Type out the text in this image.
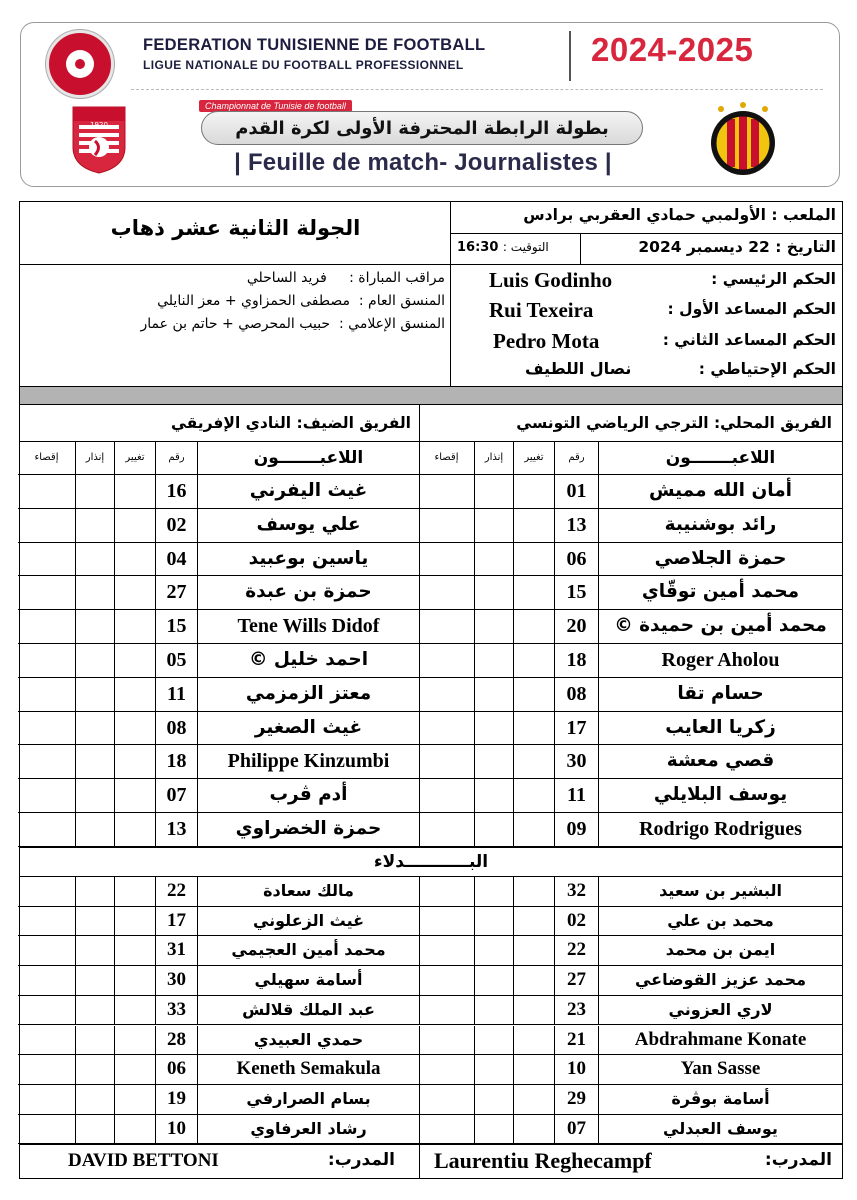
FEDERATION TUNISIENNE DE FOOTBALL
LIGUE NATIONALE DU FOOTBALL PROFESSIONNEL	2024-2025
1920
Championnat de Tunisie de football
بطولة الرابطة المحترفة الأولى لكرة القدم
| Feuille de match- Journalistes |
الملعب : الأولمبي حمادي العقربي برادس
التاريخ : 22 ديسمبر 2024
التوقيت : 16:30
الجولة الثانية عشر ذهاب
الحكم الرئيسي :
Luis Godinho
الحكم المساعد الأول :
Rui Texeira
الحكم المساعد الثاني :
Pedro Mota
الحكم الإحتياطي :
نصال اللطيف
مراقب المباراة :     فريد الساحلي
المنسق العام :  مصطفى الحمزاوي + معز النايلي
المنسق الإعلامي :  حبيب المحرصي + حاتم بن عمار
الفريق المحلي: الترجي الرياضي التونسي
الفريق الضيف: النادي الإفريقي
اللاعبـــــــون
رقم
تغيير
إنذار
إقصاء
أمان الله مميش
01
رائد بوشنيبة
13
حمزة الجلاصي
06
محمد أمين توقّاي
15
محمد أمين بن حميدة ©
20
Roger Aholou
18
حسام تقا
08
زكريا العايب
17
قصي معشة
30
يوسف البلايلي
11
Rodrigo Rodrigues
09
البشير بن سعيد
32
محمد بن علي
02
ايمن بن محمد
22
محمد عزيز القوضاعي
27
لاري العزوني
23
Abdrahmane Konate
21
Yan Sasse
10
أسامة بوڨرة
29
يوسف العبدلي
07
اللاعبـــــــون
رقم
تغيير
إنذار
إقصاء
غيث اليفرني
16
علي يوسف
02
ياسين بوعبيد
04
حمزة بن عبدة
27
Tene Wills Didof
15
احمد خليل ©
05
معتز الزمزمي
11
غيث الصغير
08
Philippe Kinzumbi
18
أدم ڨرب
07
حمزة الخضراوي
13
مالك سعادة
22
غيث الزعلوني
17
محمد أمين العجيمي
31
أسامة سهيلي
30
عبد الملك قلالش
33
حمدي العبيدي
28
Keneth Semakula
06
بسام الصرارفي
19
رشاد العرفاوي
10
البـــــــــــدلاء
المدرب:
Laurentiu Reghecampf
المدرب:
DAVID BETTONI
